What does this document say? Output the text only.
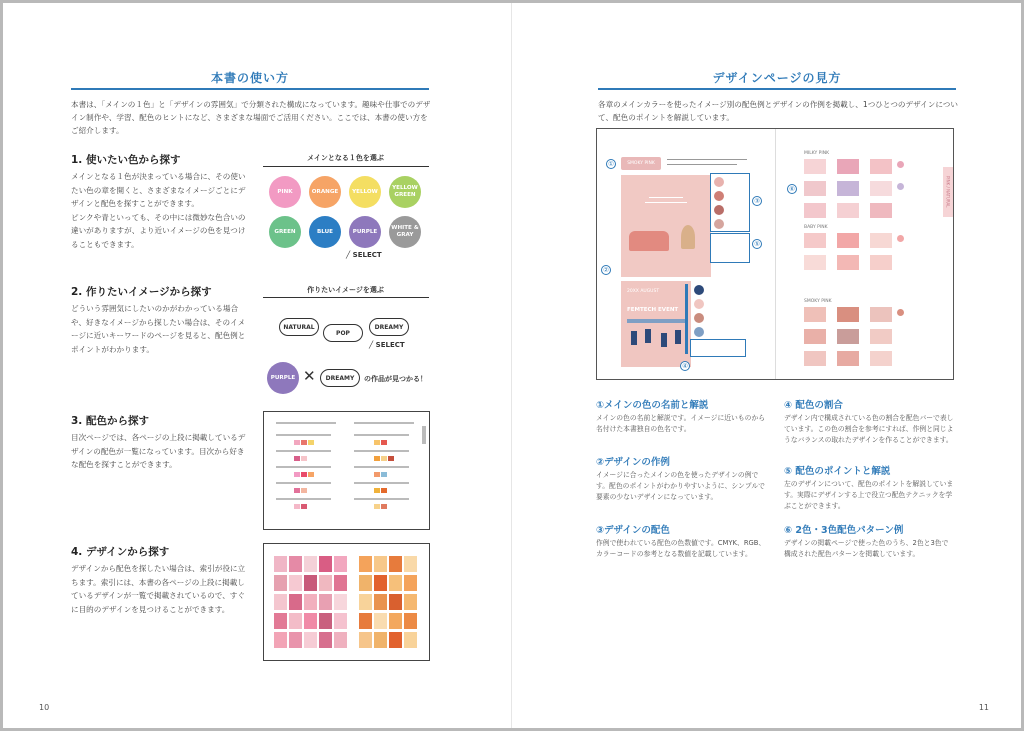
本書の使い方
本書は、「メインの１色」と「デザインの雰囲気」で分類された構成になっています。趣味や仕事でのデザイン制作や、学習、配色のヒントになど、さまざまな場面でご活用ください。ここでは、本書の使い方をご紹介します。
1. 使いたい色から探す
メインとなる１色が決まっている場合に、その使いたい色の章を開くと、さまざまなイメージごとにデザインと配色を探すことができます。
ピンクや青といっても、その中には微妙な色合いの違いがありますが、より近いイメージの色を見つけることもできます。
メインとなる１色を選ぶ
PINK	ORANGE	YELLOW
YELLOW GREEN
GREEN	BLUE	PURPLE
WHITE & GRAY
╱ SELECT
2. 作りたいイメージから探す
どういう雰囲気にしたいのかがわかっている場合や、好きなイメージから探したい場合は、そのイメージに近いキーワードのページを見ると、配色例とポイントがわかります。
作りたいイメージを選ぶ
NATURAL
POP
DREAMY
╱ SELECT
PURPLE ✕	DREAMY	の作品が見つかる！
3. 配色から探す
目次ページでは、各ページの上段に掲載しているデザインの配色が一覧になっています。目次から好きな配色を探すことができます。
4. デザインから探す
デザインから配色を探したい場合は、索引が役に立ちます。索引には、本書の各ページの上段に掲載しているデザインが一覧で掲載されているので、すぐに目的のデザインを見つけることができます。
10
デザインページの見方
各章のメインカラーを使ったイメージ別の配色例とデザインの作例を掲載し、1つひとつのデザインについて、配色のポイントを解説しています。
11
①	SMOKY PINK
②
20XX AUGUST
FEMTECH EVENT
③
⑤
④
⑥
MILKY PINK
BABY PINK
SMOKY PINK
PINK / NATURAL
①メインの色の名前と解説
メインの色の名前と解説です。イメージに近いものから名付けた本書独自の色名です。
②デザインの作例
イメージに合ったメインの色を使ったデザインの例です。配色のポイントがわかりやすいように、シンプルで要素の少ないデザインになっています。
③デザインの配色
作例で使われている配色の色数値です。CMYK、RGB、カラーコードの参考となる数値を記載しています。
④ 配色の割合
デザイン内で構成されている色の割合を配色バーで表しています。この色の割合を参考にすれば、作例と同じようなバランスの取れたデザインを作ることができます。
⑤ 配色のポイントと解説
左のデザインについて、配色のポイントを解説しています。実際にデザインする上で役立つ配色テクニックを学ぶことができます。
⑥ 2色・3色配色パターン例
デザインの掲載ページで使った色のうち、2色と3色で構成された配色パターンを掲載しています。
